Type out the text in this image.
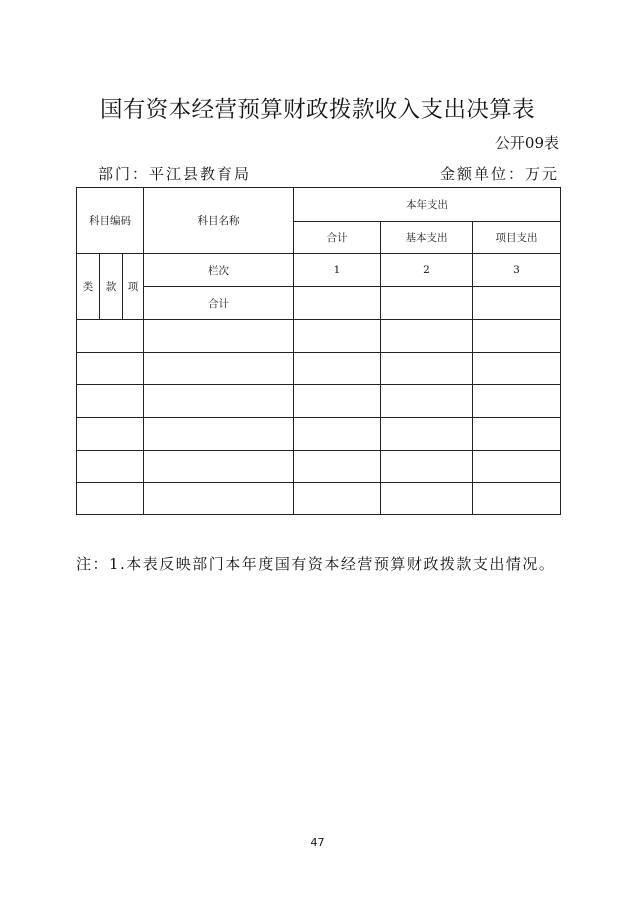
国有资本经营预算财政拨款收入支出决算表
公开09表
部门：平江县教育局	金额单位：万元
科目编码			科目名称	本年支出		
				合计	基本支出	项目支出
类	款	项	栏次	1	2	3
			合计			

注：1.本表反映部门本年度国有资本经营预算财政拨款支出情况。
47
